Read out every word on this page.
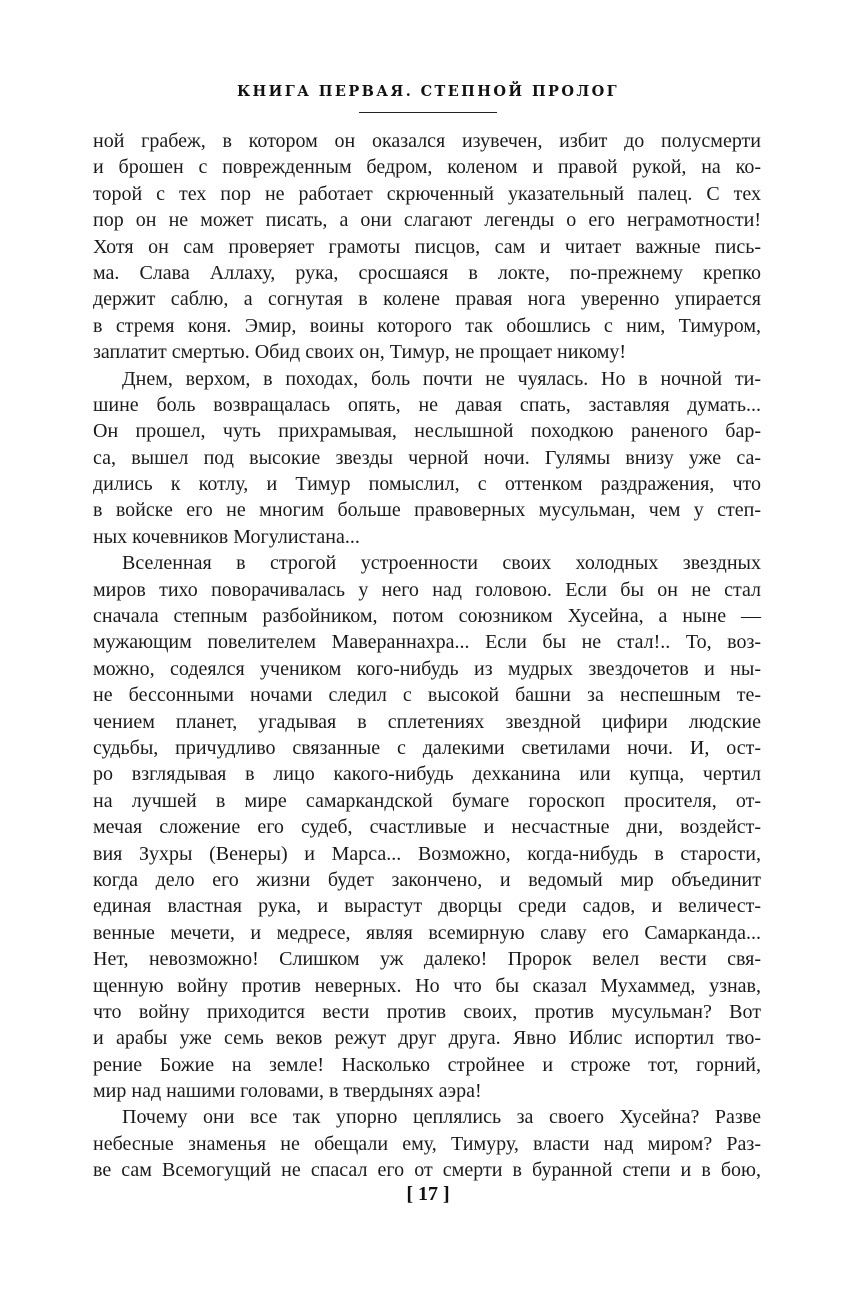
КНИГА ПЕРВАЯ. СТЕПНОЙ ПРОЛОГ
ной грабеж, в котором он оказался изувечен, избит до полусмерти
и брошен с поврежденным бедром, коленом и правой рукой, на ко-
торой с тех пор не работает скрюченный указательный палец. С тех
пор он не может писать, а они слагают легенды о его неграмотности!
Хотя он сам проверяет грамоты писцов, сам и читает важные пись-
ма. Слава Аллаху, рука, сросшаяся в локте, по-прежнему крепко
держит саблю, а согнутая в колене правая нога уверенно упирается
в стремя коня. Эмир, воины которого так обошлись с ним, Тимуром,
заплатит смертью. Обид своих он, Тимур, не прощает никому!
Днем, верхом, в походах, боль почти не чуялась. Но в ночной ти-
шине боль возвращалась опять, не давая спать, заставляя думать...
Он прошел, чуть прихрамывая, неслышной походкою раненого бар-
са, вышел под высокие звезды черной ночи. Гулямы внизу уже са-
дились к котлу, и Тимур помыслил, с оттенком раздражения, что
в войске его не многим больше правоверных мусульман, чем у степ-
ных кочевников Могулистана...
Вселенная в строгой устроенности своих холодных звездных
миров тихо поворачивалась у него над головою. Если бы он не стал
сначала степным разбойником, потом союзником Хусейна, а ныне —
мужающим повелителем Мавераннахра... Если бы не стал!.. То, воз-
можно, содеялся учеником кого-нибудь из мудрых звездочетов и ны-
не бессонными ночами следил с высокой башни за неспешным те-
чением планет, угадывая в сплетениях звездной цифири людские
судьбы, причудливо связанные с далекими светилами ночи. И, ост-
ро взглядывая в лицо какого-нибудь дехканина или купца, чертил
на лучшей в мире самаркандской бумаге гороскоп просителя, от-
мечая сложение его судеб, счастливые и несчастные дни, воздейст-
вия Зухры (Венеры) и Марса... Возможно, когда-нибудь в старости,
когда дело его жизни будет закончено, и ведомый мир объединит
единая властная рука, и вырастут дворцы среди садов, и величест-
венные мечети, и медресе, являя всемирную славу его Самарканда...
Нет, невозможно! Слишком уж далеко! Пророк велел вести свя-
щенную войну против неверных. Но что бы сказал Мухаммед, узнав,
что войну приходится вести против своих, против мусульман? Вот
и арабы уже семь веков режут друг друга. Явно Иблис испортил тво-
рение Божие на земле! Насколько стройнее и строже тот, горний,
мир над нашими головами, в твердынях аэра!
Почему они все так упорно цеплялись за своего Хусейна? Разве
небесные знаменья не обещали ему, Тимуру, власти над миром? Раз-
ве сам Всемогущий не спасал его от смерти в буранной степи и в бою,
[ 17 ]
